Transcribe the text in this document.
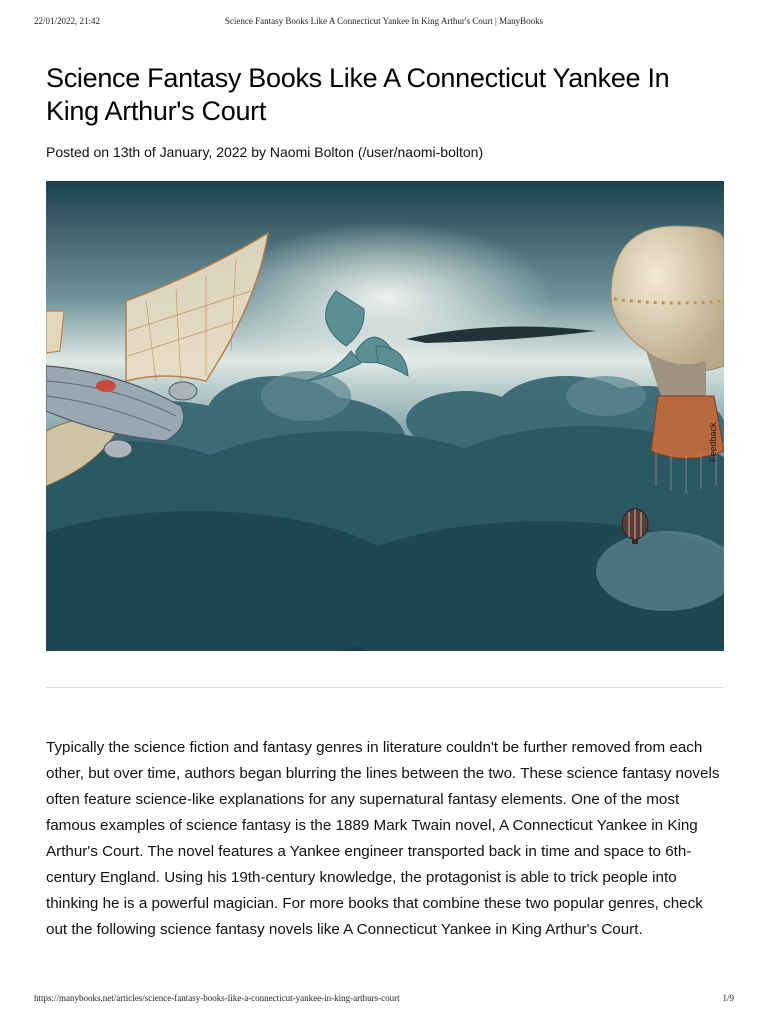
22/01/2022, 21:42	Science Fantasy Books Like A Connecticut Yankee In King Arthur's Court | ManyBooks
Science Fantasy Books Like A Connecticut Yankee In King Arthur's Court
Posted on 13th of January, 2022 by Naomi Bolton (/user/naomi-bolton)
Feedback

Typically the science fiction and fantasy genres in literature couldn't be further removed from each other, but over time, authors began blurring the lines between the two. These science fantasy novels often feature science-like explanations for any supernatural fantasy elements. One of the most famous examples of science fantasy is the 1889 Mark Twain novel, A Connecticut Yankee in King Arthur's Court. The novel features a Yankee engineer transported back in time and space to 6th-century England. Using his 19th-century knowledge, the protagonist is able to trick people into thinking he is a powerful magician. For more books that combine these two popular genres, check out the following science fantasy novels like A Connecticut Yankee in King Arthur's Court.

https://manybooks.net/articles/science-fantasy-books-like-a-connecticut-yankee-in-king-arthurs-court	1/9
